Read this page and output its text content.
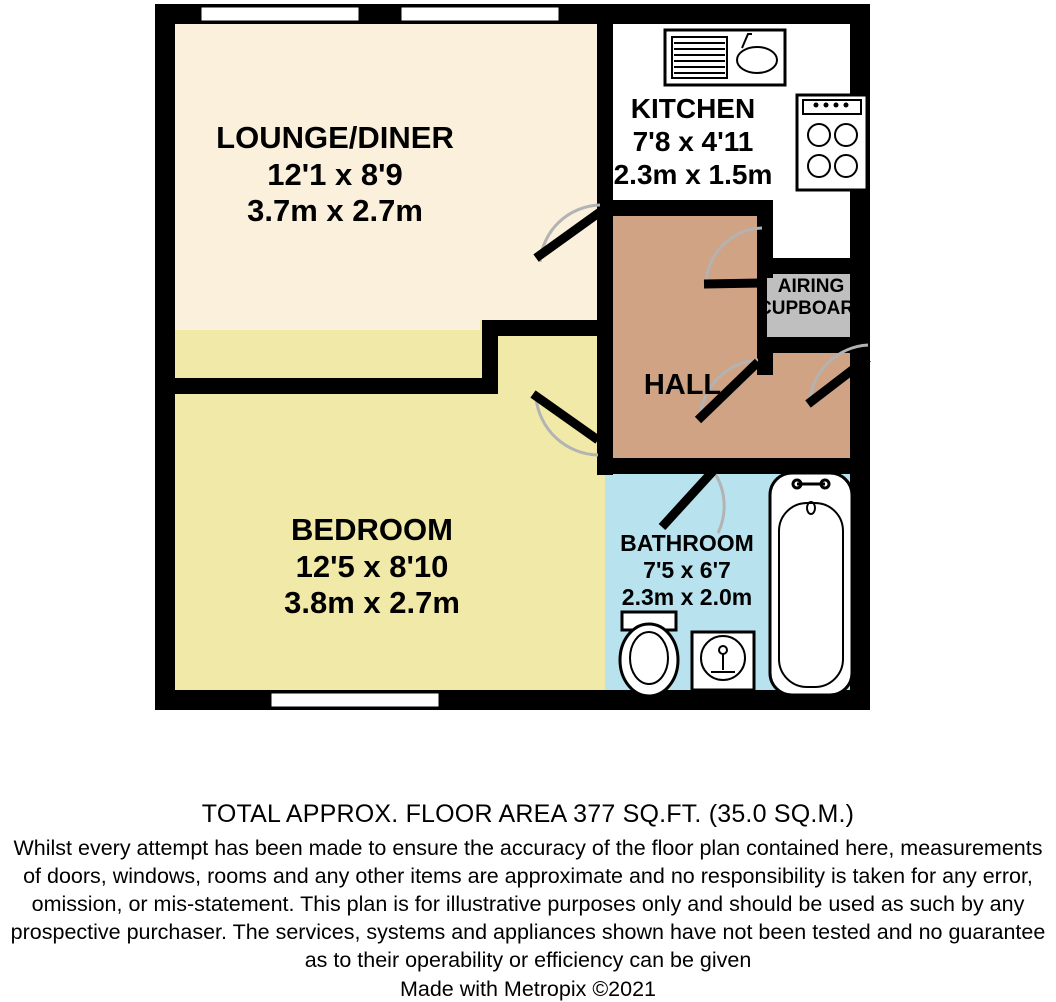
LOUNGE/DINER
12'1 x 8'9
3.7m x 2.7m
KITCHEN
7'8 x 4'11
2.3m x 1.5m
HALL
AIRING
CUPBOARD
BEDROOM
12'5 x 8'10
3.8m x 2.7m
BATHROOM
7'5 x 6'7
2.3m x 2.0m
TOTAL APPROX. FLOOR AREA 377 SQ.FT. (35.0 SQ.M.)
Whilst every attempt has been made to ensure the accuracy of the floor plan contained here, measurements
of doors, windows, rooms and any other items are approximate and no responsibility is taken for any error,
omission, or mis-statement. This plan is for illustrative purposes only and should be used as such by any
prospective purchaser. The services, systems and appliances shown have not been tested and no guarantee
as to their operability or efficiency can be given
Made with Metropix ©2021
